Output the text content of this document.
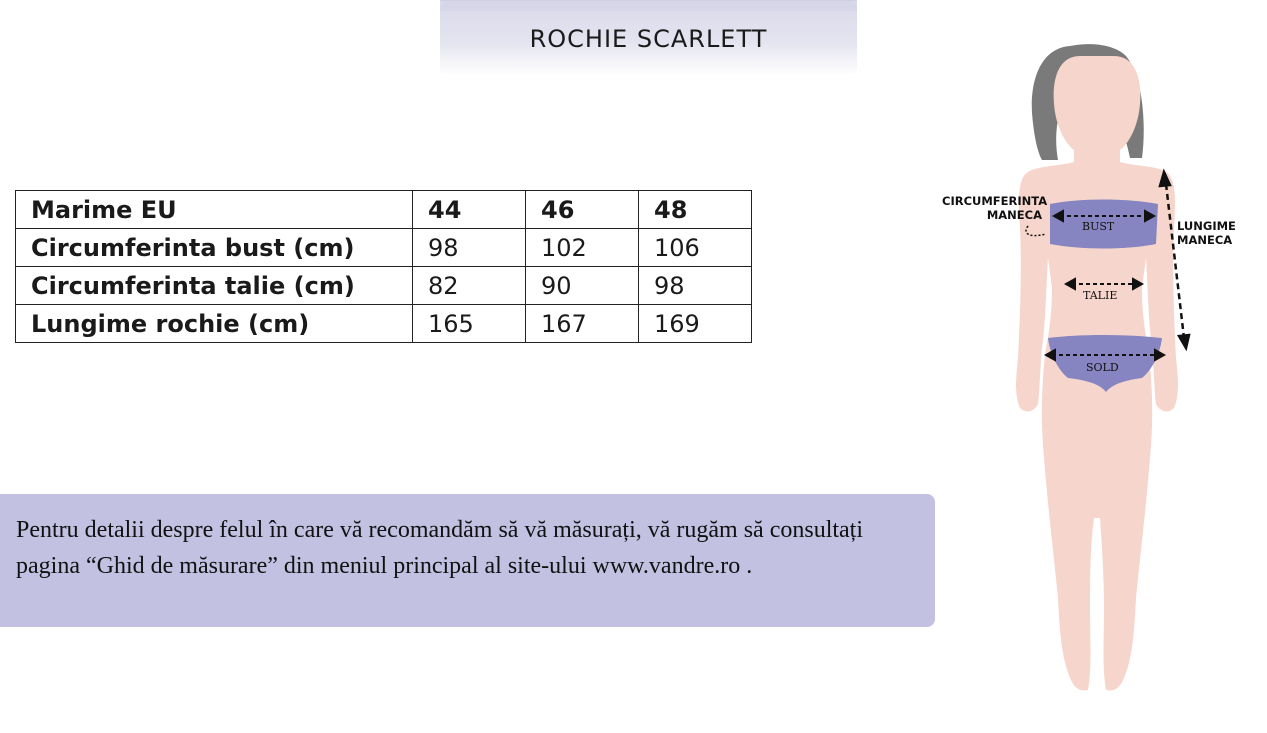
ROCHIE SCARLETT
Marime EU	44	46	48
Circumferinta bust (cm)	98	102	106
Circumferinta talie (cm)	82	90	98
Lungime rochie (cm)	165	167	169

Pentru detalii despre felul în care vă recomandăm să vă măsurați, vă rugăm să consultați pagina “Ghid de măsurare” din meniul principal al site-ului www.vandre.ro .

CIRCUMFERINTA
MANECA
LUNGIME
MANECA
BUST
TALIE
SOLD
